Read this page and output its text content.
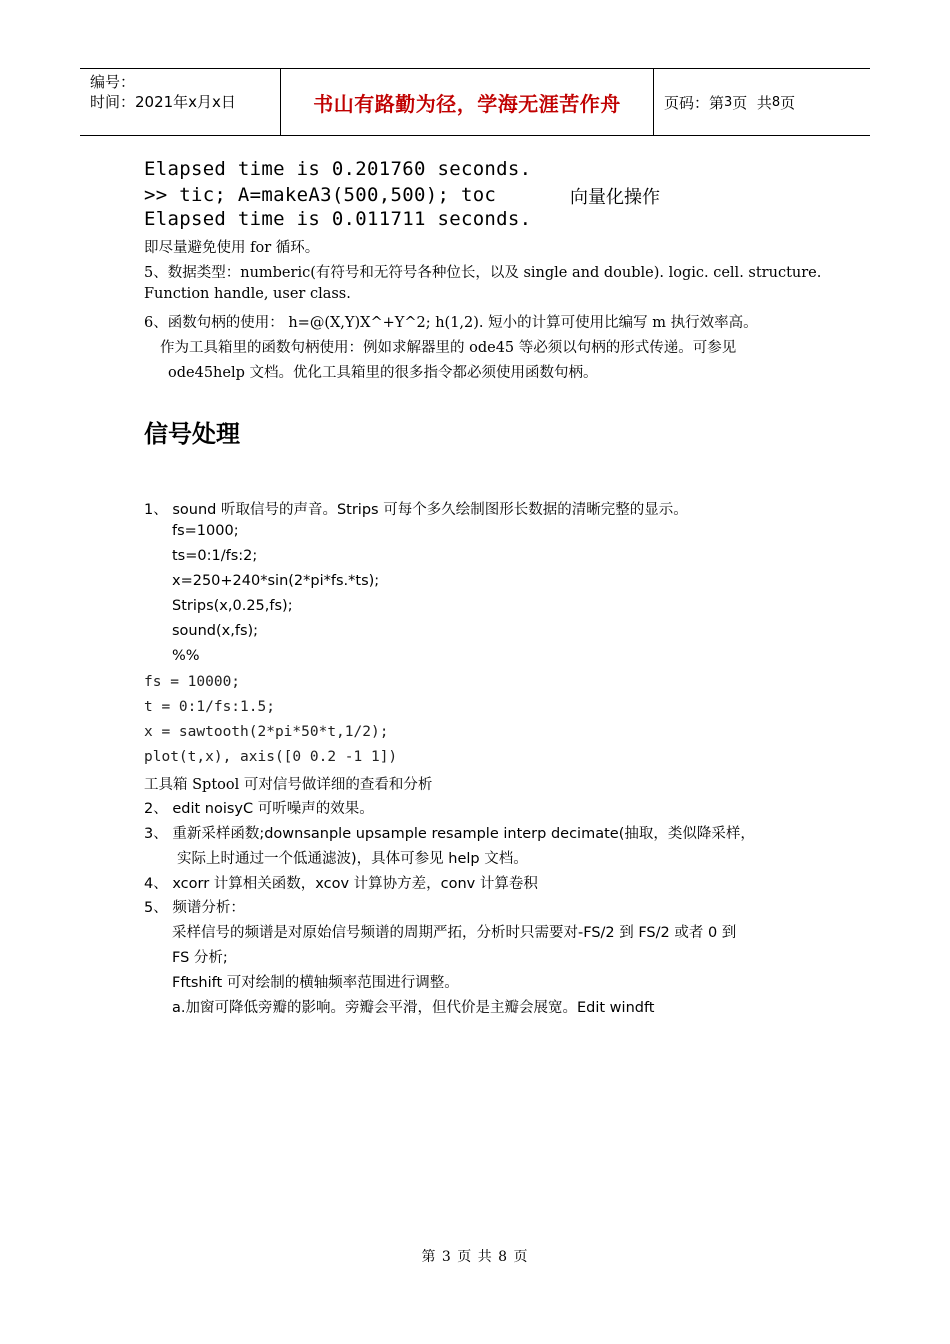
编号：
时间：2021年x月x日	书山有路勤为径，学海无涯苦作舟	页码：第 3 页  共 8 页
Elapsed time is 0.201760 seconds.
>> tic; A=makeA3(500,500); toc
Elapsed time is 0.011711 seconds.
即尽量避免使用 for 循环。
5、数据类型：numberic(有符号和无符号各种位长，以及 single and double). logic. cell. structure.
Function handle, user class.
6、函数句柄的使用： h=@(X,Y)X^+Y^2; h(1,2). 短小的计算可使用比编写 m 执行效率高。
作为工具箱里的函数句柄使用：例如求解器里的 ode45 等必须以句柄的形式传递。可参见
ode45help 文档。优化工具箱里的很多指令都必须使用函数句柄。
信号处理
1、 sound 听取信号的声音。Strips 可每个多久绘制图形长数据的清晰完整的显示。
fs=1000;
ts=0:1/fs:2;
x=250+240*sin(2*pi*fs.*ts);
Strips(x,0.25,fs);
sound(x,fs);
%%
fs = 10000;
t = 0:1/fs:1.5;
x = sawtooth(2*pi*50*t,1/2);
plot(t,x), axis([0 0.2 -1 1])
工具箱 Sptool 可对信号做详细的查看和分析
2、 edit noisyC 可听噪声的效果。
3、 重新采样函数;downsanple upsample resample interp decimate(抽取，类似降采样，
实际上时通过一个低通滤波)，具体可参见 help 文档。
4、 xcorr 计算相关函数，xcov 计算协方差，conv 计算卷积
5、 频谱分析：
采样信号的频谱是对原始信号频谱的周期严拓，分析时只需要对-FS/2 到 FS/2 或者 0 到
FS 分析;
Fftshift 可对绘制的横轴频率范围进行调整。
a.加窗可降低旁瓣的影响。旁瓣会平滑，但代价是主瓣会展宽。Edit windft
向量化操作
第 3 页 共 8 页
